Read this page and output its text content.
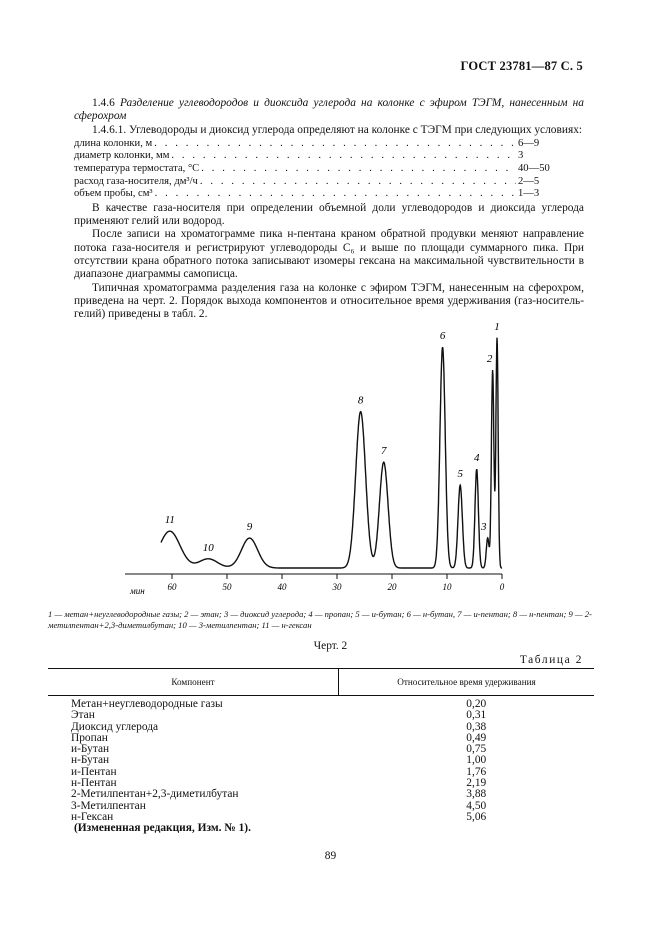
ГОСТ 23781—87 С. 5

1.4.6 Разделение углеводородов и диоксида углерода на колонке с эфиром ТЭГМ, нанесенным на сферохром

1.4.6.1. Углеводороды и диоксид углерода определяют на колонке с ТЭГМ при следующих условиях:

длина колонки, м . . .	6—9
диаметр колонки, мм . . .	3
температура термостата, °C . . .	40—50
расход газа-носителя, дм³/ч . . .	2—5
объем пробы, см³ . . .	1—3

В качестве газа-носителя при определении объемной доли углеводородов и диоксида углерода применяют гелий или водород.

После записи на хроматограмме пика н-пентана краном обратной продувки меняют направление потока газа-носителя и регистрируют углеводороды C₆ и выше по площади суммарного пика. При отсутствии крана обратного потока записывают изомеры гексана на максимальной чувствительности в диапазоне диаграммы самописца.

Типичная хроматограмма разделения газа на колонке с эфиром ТЭГМ, нанесенным на сферохром, приведена на черт. 2. Порядок выхода компонентов и относительное время удерживания (газ-носитель-гелий) приведены в табл. 2.

60	50	40	30	20	10	0
1
2
3
4
5
6
7
8
9
10
11
мин
1 — метан+неуглеводородные газы; 2 — этан; 3 — диоксид углерода; 4 — пропан; 5 — и-бутан; 6 — н-бутан, 7 — и-пентан; 8 — н-пентан; 9 — 2-метилпентан+2,3-диметилбутан; 10 — 3-метилпентан; 11 — н-гексан
Черт. 2
Таблица 2
Компонент	Относительное время удерживания
Метан+неуглеводородные газы	0,20
Этан	0,31
Диоксид углерода	0,38
Пропан	0,49
и-Бутан	0,75
н-Бутан	1,00
и-Пентан	1,76
н-Пентан	2,19
2-Метилпентан+2,3-диметилбутан	3,88
3-Метилпентан	4,50
н-Гексан	5,06
(Измененная редакция, Изм. № 1).
89
